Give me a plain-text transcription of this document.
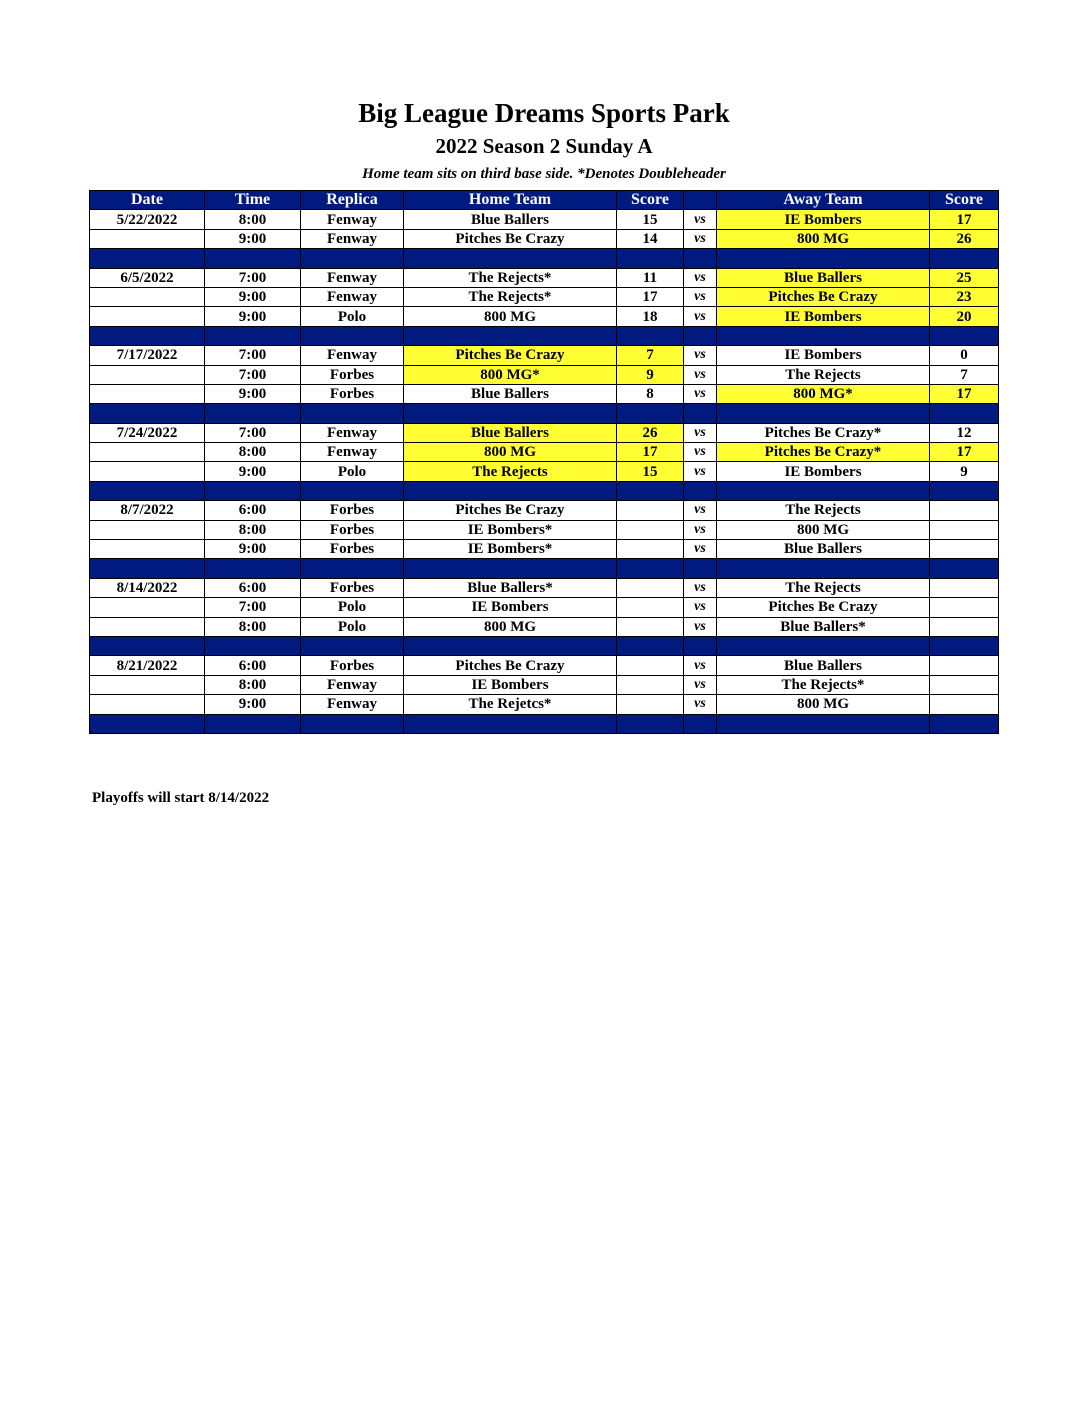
Big League Dreams Sports Park
2022 Season 2 Sunday A
Home team sits on third base side. *Denotes Doubleheader
Date	Time	Replica	Home Team	Score		Away Team	Score
5/22/2022	8:00	Fenway	Blue Ballers	15	vs	IE Bombers	17
	9:00	Fenway	Pitches Be Crazy	14	vs	800 MG	26

6/5/2022	7:00	Fenway	The Rejects*	11	vs	Blue Ballers	25
	9:00	Fenway	The Rejects*	17	vs	Pitches Be Crazy	23
	9:00	Polo	800 MG	18	vs	IE Bombers	20

7/17/2022	7:00	Fenway	Pitches Be Crazy	7	vs	IE Bombers	0
	7:00	Forbes	800 MG*	9	vs	The Rejects	7
	9:00	Forbes	Blue Ballers	8	vs	800 MG*	17

7/24/2022	7:00	Fenway	Blue Ballers	26	vs	Pitches Be Crazy*	12
	8:00	Fenway	800 MG	17	vs	Pitches Be Crazy*	17
	9:00	Polo	The Rejects	15	vs	IE Bombers	9

8/7/2022	6:00	Forbes	Pitches Be Crazy		vs	The Rejects	
	8:00	Forbes	IE Bombers*		vs	800 MG	
	9:00	Forbes	IE Bombers*		vs	Blue Ballers	

8/14/2022	6:00	Forbes	Blue Ballers*		vs	The Rejects	
	7:00	Polo	IE Bombers		vs	Pitches Be Crazy	
	8:00	Polo	800 MG		vs	Blue Ballers*	

8/21/2022	6:00	Forbes	Pitches Be Crazy		vs	Blue Ballers	
	8:00	Fenway	IE Bombers		vs	The Rejects*	
	9:00	Fenway	The Rejetcs*		vs	800 MG	

Playoffs will start 8/14/2022
